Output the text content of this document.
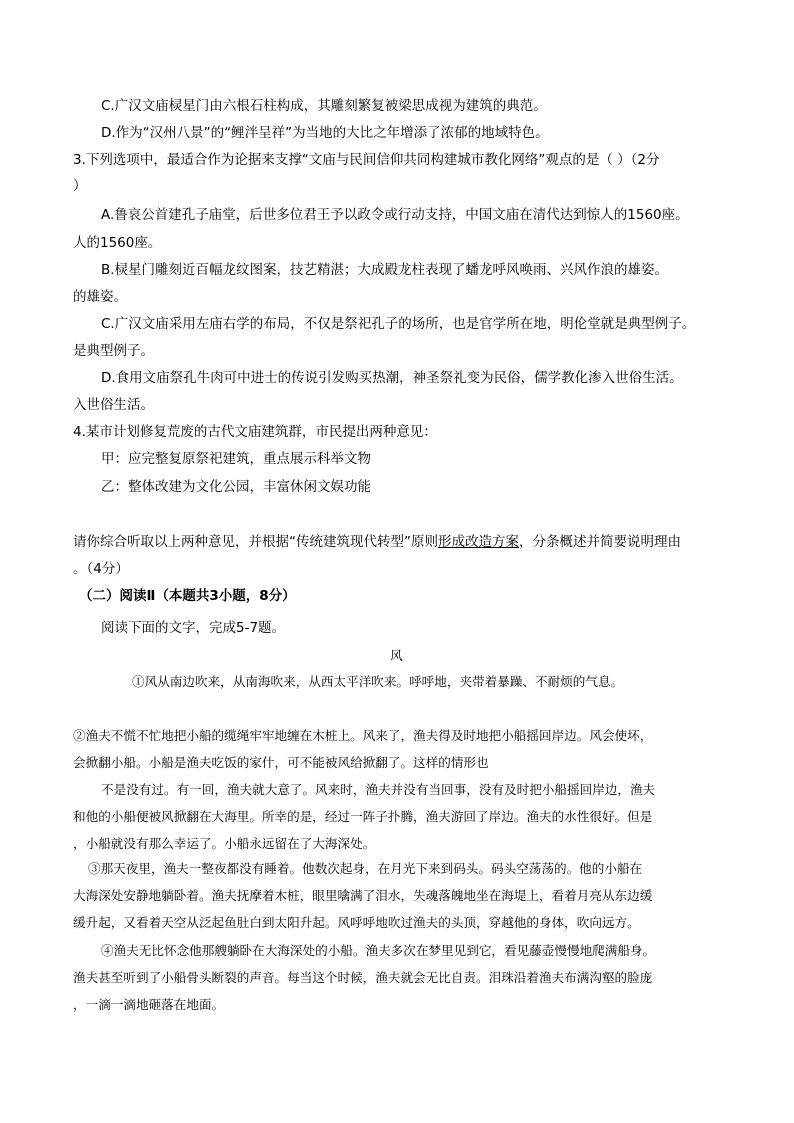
C.广汉文庙棂星门由六根石柱构成，其雕刻繁复被梁思成视为建筑的典范。
D.作为“汉州八景”的“鲤泮呈祥”为当地的大比之年增添了浓郁的地域特色。
3.下列选项中，最适合作为论据来支撑“文庙与民间信仰共同构建城市教化网络”观点的是（ ）（2分
）
A.鲁哀公首建孔子庙堂，后世多位君王予以政令或行动支持，中国文庙在清代达到惊人的1560座。
人的1560座。
B.棂星门雕刻近百幅龙纹图案，技艺精湛；大成殿龙柱表现了蟠龙呼风唤雨、兴风作浪的雄姿。
的雄姿。
C.广汉文庙采用左庙右学的布局，不仅是祭祀孔子的场所，也是官学所在地，明伦堂就是典型例子。
是典型例子。
D.食用文庙祭孔牛肉可中进士的传说引发购买热潮，神圣祭礼变为民俗，儒学教化渗入世俗生活。
入世俗生活。
4.某市计划修复荒废的古代文庙建筑群，市民提出两种意见：
甲：应完整复原祭祀建筑，重点展示科举文物
乙：整体改建为文化公园，丰富休闲文娱功能
请你综合听取以上两种意见，并根据“传统建筑现代转型”原则形成改造方案，分条概述并简要说明理由
。（4分）
（二）阅读Ⅱ（本题共3小题，8分）
阅读下面的文字，完成5-7题。
风
①风从南边吹来，从南海吹来，从西太平洋吹来。呼呼地，夹带着暴躁、不耐烦的气息。
②渔夫不慌不忙地把小船的缆绳牢牢地缠在木桩上。风来了，渔夫得及时地把小船摇回岸边。风会使坏，
会掀翻小船。小船是渔夫吃饭的家什，可不能被风给掀翻了。这样的情形也
不是没有过。有一回，渔夫就大意了。风来时，渔夫并没有当回事，没有及时把小船摇回岸边，渔夫
和他的小船便被风掀翻在大海里。所幸的是，经过一阵子扑腾，渔夫游回了岸边。渔夫的水性很好。但是
，小船就没有那么幸运了。小船永远留在了大海深处。
③那天夜里，渔夫一整夜都没有睡着。他数次起身，在月光下来到码头。码头空荡荡的。他的小船在
大海深处安静地躺卧着。渔夫抚摩着木桩，眼里噙满了泪水，失魂落魄地坐在海堤上，看着月亮从东边缓
缓升起，又看着天空从泛起鱼肚白到太阳升起。风呼呼地吹过渔夫的头顶，穿越他的身体，吹向远方。
④渔夫无比怀念他那艘躺卧在大海深处的小船。渔夫多次在梦里见到它，看见藤壶慢慢地爬满船身。
渔夫甚至听到了小船骨头断裂的声音。每当这个时候，渔夫就会无比自责。泪珠沿着渔夫布满沟壑的脸庞
，一滴一滴地砸落在地面。
